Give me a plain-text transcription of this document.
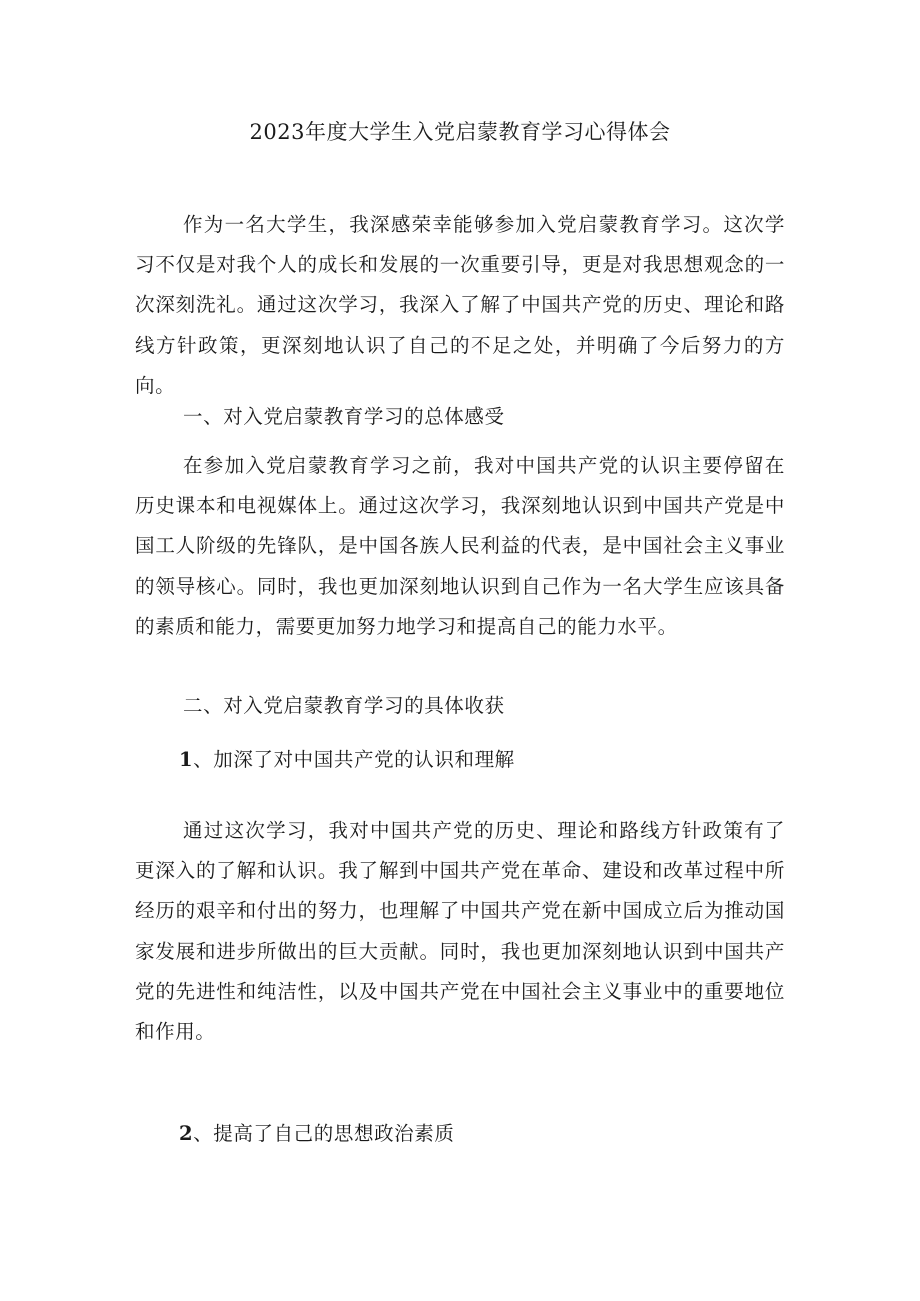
2023年度大学生入党启蒙教育学习心得体会

作为一名大学生，我深感荣幸能够参加入党启蒙教育学习。这次学习不仅是对我个人的成长和发展的一次重要引导，更是对我思想观念的一次深刻洗礼。通过这次学习，我深入了解了中国共产党的历史、理论和路线方针政策，更深刻地认识了自己的不足之处，并明确了今后努力的方向。

一、对入党启蒙教育学习的总体感受

在参加入党启蒙教育学习之前，我对中国共产党的认识主要停留在历史课本和电视媒体上。通过这次学习，我深刻地认识到中国共产党是中国工人阶级的先锋队，是中国各族人民利益的代表，是中国社会主义事业的领导核心。同时，我也更加深刻地认识到自己作为一名大学生应该具备的素质和能力，需要更加努力地学习和提高自己的能力水平。

二、对入党启蒙教育学习的具体收获

1、加深了对中国共产党的认识和理解

通过这次学习，我对中国共产党的历史、理论和路线方针政策有了更深入的了解和认识。我了解到中国共产党在革命、建设和改革过程中所经历的艰辛和付出的努力，也理解了中国共产党在新中国成立后为推动国家发展和进步所做出的巨大贡献。同时，我也更加深刻地认识到中国共产党的先进性和纯洁性，以及中国共产党在中国社会主义事业中的重要地位和作用。

2、提高了自己的思想政治素质
